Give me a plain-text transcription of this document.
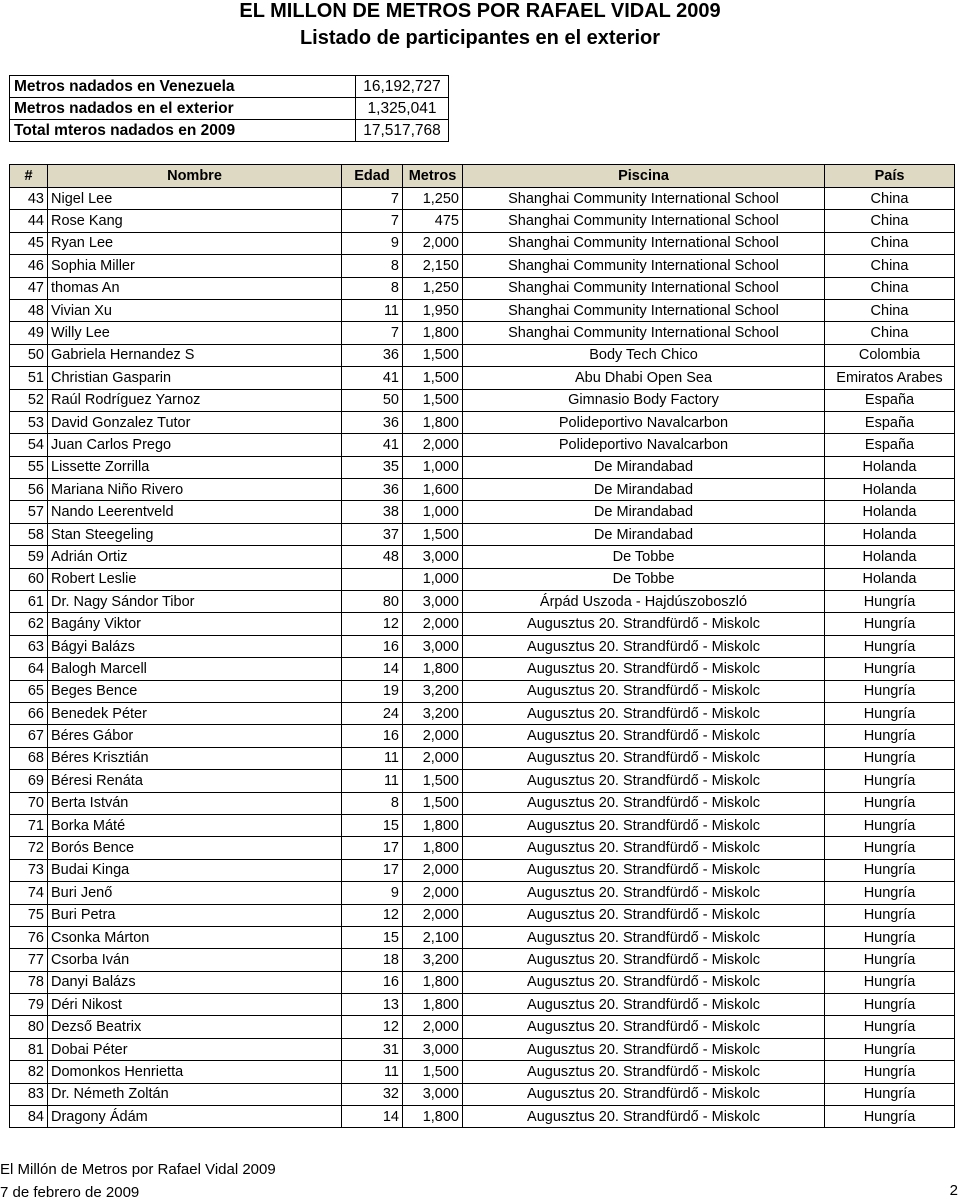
EL MILLON DE METROS POR RAFAEL VIDAL 2009
Listado de participantes en el exterior
Metros nadados en Venezuela	16,192,727
Metros nadados en el exterior	1,325,041
Total mteros nadados en 2009	17,517,768
#	Nombre	Edad	Metros	Piscina	País
43	Nigel Lee	7	1,250	Shanghai Community International School	China
44	Rose Kang	7	475	Shanghai Community International School	China
45	Ryan Lee	9	2,000	Shanghai Community International School	China
46	Sophia Miller	8	2,150	Shanghai Community International School	China
47	thomas An	8	1,250	Shanghai Community International School	China
48	Vivian Xu	11	1,950	Shanghai Community International School	China
49	Willy Lee	7	1,800	Shanghai Community International School	China
50	Gabriela Hernandez S	36	1,500	Body Tech Chico	Colombia
51	Christian Gasparin	41	1,500	Abu Dhabi Open Sea	Emiratos Arabes
52	Raúl Rodríguez Yarnoz	50	1,500	Gimnasio Body Factory	España
53	David Gonzalez Tutor	36	1,800	Polideportivo Navalcarbon	España
54	Juan Carlos Prego	41	2,000	Polideportivo Navalcarbon	España
55	Lissette Zorrilla	35	1,000	De Mirandabad	Holanda
56	Mariana Niño Rivero	36	1,600	De Mirandabad	Holanda
57	Nando Leerentveld	38	1,000	De Mirandabad	Holanda
58	Stan Steegeling	37	1,500	De Mirandabad	Holanda
59	Adrián Ortiz	48	3,000	De Tobbe	Holanda
60	Robert Leslie		1,000	De Tobbe	Holanda
61	Dr. Nagy Sándor Tibor	80	3,000	Árpád Uszoda - Hajdúszoboszló	Hungría
62	Bagány Viktor	12	2,000	Augusztus 20. Strandfürdő - Miskolc	Hungría
63	Bágyi Balázs	16	3,000	Augusztus 20. Strandfürdő - Miskolc	Hungría
64	Balogh Marcell	14	1,800	Augusztus 20. Strandfürdő - Miskolc	Hungría
65	Beges Bence	19	3,200	Augusztus 20. Strandfürdő - Miskolc	Hungría
66	Benedek Péter	24	3,200	Augusztus 20. Strandfürdő - Miskolc	Hungría
67	Béres Gábor	16	2,000	Augusztus 20. Strandfürdő - Miskolc	Hungría
68	Béres Krisztián	11	2,000	Augusztus 20. Strandfürdő - Miskolc	Hungría
69	Béresi Renáta	11	1,500	Augusztus 20. Strandfürdő - Miskolc	Hungría
70	Berta István	8	1,500	Augusztus 20. Strandfürdő - Miskolc	Hungría
71	Borka Máté	15	1,800	Augusztus 20. Strandfürdő - Miskolc	Hungría
72	Borós Bence	17	1,800	Augusztus 20. Strandfürdő - Miskolc	Hungría
73	Budai Kinga	17	2,000	Augusztus 20. Strandfürdő - Miskolc	Hungría
74	Buri Jenő	9	2,000	Augusztus 20. Strandfürdő - Miskolc	Hungría
75	Buri Petra	12	2,000	Augusztus 20. Strandfürdő - Miskolc	Hungría
76	Csonka Márton	15	2,100	Augusztus 20. Strandfürdő - Miskolc	Hungría
77	Csorba Iván	18	3,200	Augusztus 20. Strandfürdő - Miskolc	Hungría
78	Danyi Balázs	16	1,800	Augusztus 20. Strandfürdő - Miskolc	Hungría
79	Déri Nikost	13	1,800	Augusztus 20. Strandfürdő - Miskolc	Hungría
80	Dezső Beatrix	12	2,000	Augusztus 20. Strandfürdő - Miskolc	Hungría
81	Dobai Péter	31	3,000	Augusztus 20. Strandfürdő - Miskolc	Hungría
82	Domonkos Henrietta	11	1,500	Augusztus 20. Strandfürdő - Miskolc	Hungría
83	Dr. Németh Zoltán	32	3,000	Augusztus 20. Strandfürdő - Miskolc	Hungría
84	Dragony Ádám	14	1,800	Augusztus 20. Strandfürdő - Miskolc	Hungría
El Millón de Metros por Rafael Vidal 2009
7 de febrero de 2009	2
